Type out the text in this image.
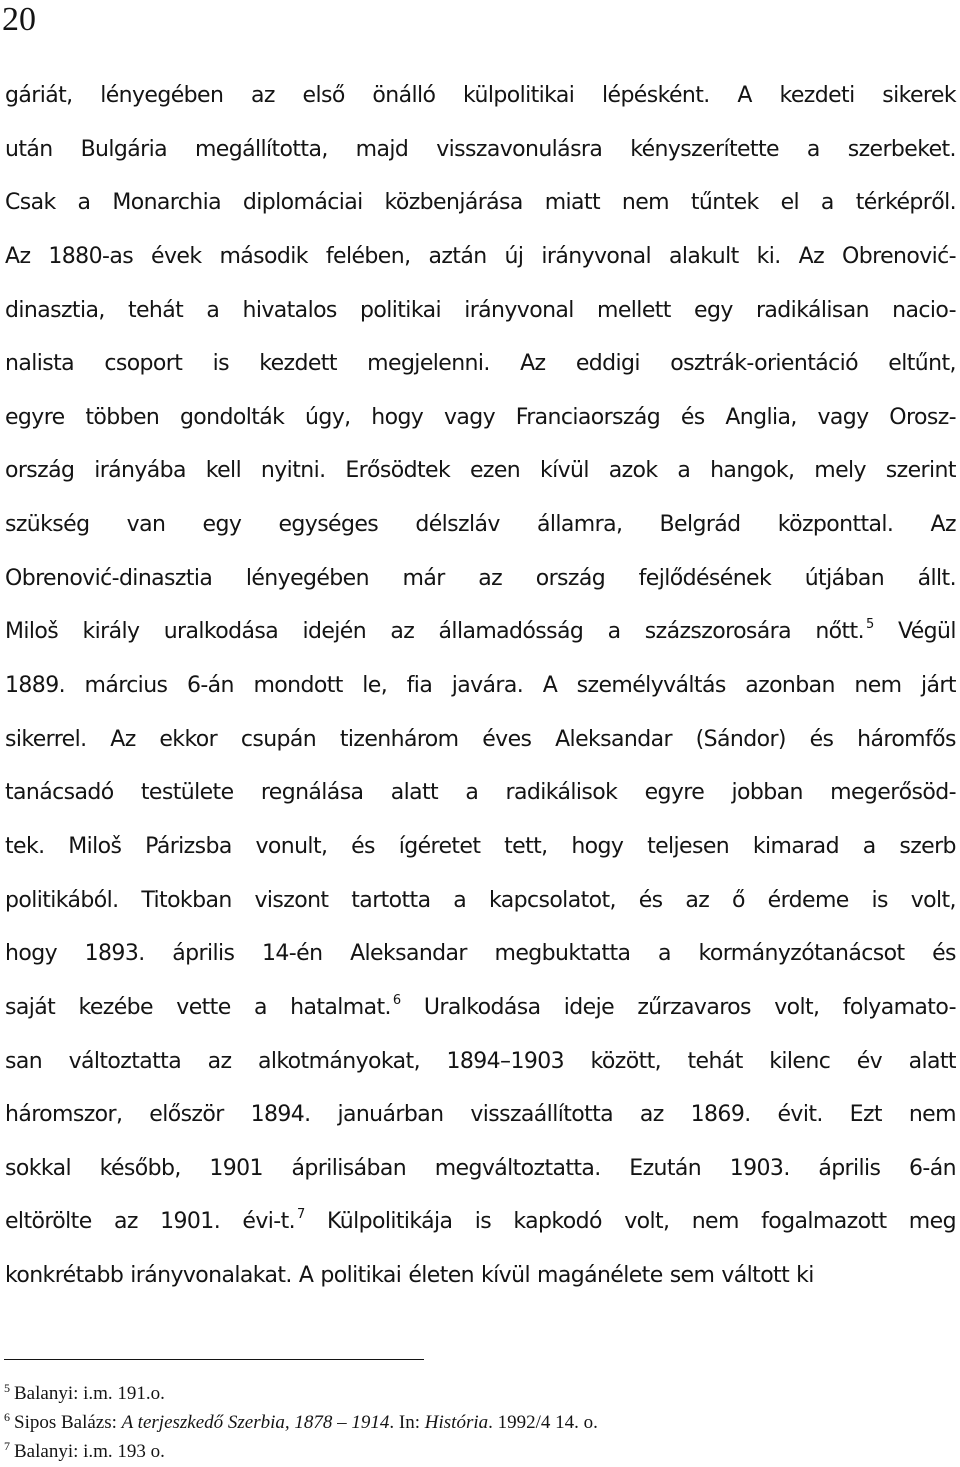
20
gáriát, lényegében az első önálló külpolitikai lépésként. A kezdeti sikerek
után Bulgária megállította, majd visszavonulásra kényszerítette a szerbeket.
Csak a Monarchia diplomáciai közbenjárása miatt nem tűntek el a térképről.
Az 1880-as évek második felében, aztán új irányvonal alakult ki. Az Obrenović-
dinasztia, tehát a hivatalos politikai irányvonal mellett egy radikálisan nacio-
nalista csoport is kezdett megjelenni. Az eddigi osztrák-orientáció eltűnt,
egyre többen gondolták úgy, hogy vagy Franciaország és Anglia, vagy Orosz-
ország irányába kell nyitni. Erősödtek ezen kívül azok a hangok, mely szerint
szükség van egy egységes délszláv államra, Belgrád központtal. Az
Obrenović-dinasztia lényegében már az ország fejlődésének útjában állt.
Miloš király uralkodása idején az államadósság a százszorosára nőtt. $^5$ Végül
1889. március 6-án mondott le, fia javára. A személyváltás azonban nem járt
sikerrel. Az ekkor csupán tizenhárom éves Aleksandar (Sándor) és háromfős
tanácsadó testülete regnálása alatt a radikálisok egyre jobban megerősöd-
tek. Miloš Párizsba vonult, és ígéretet tett, hogy teljesen kimarad a szerb
politikából. Titokban viszont tartotta a kapcsolatot, és az ő érdeme is volt,
hogy 1893. április 14-én Aleksandar megbuktatta a kormányzótanácsot és
saját kezébe vette a hatalmat. $^6$ Uralkodása ideje zűrzavaros volt, folyamato-
san változtatta az alkotmányokat, 1894–1903 között, tehát kilenc év alatt
háromszor, először 1894. januárban visszaállította az 1869. évit. Ezt nem
sokkal később, 1901 áprilisában megváltoztatta. Ezután 1903. április 6-án
eltörölte az 1901. évi-t. $^7$ Külpolitikája is kapkodó volt, nem fogalmazott meg
konkrétabb irányvonalakat. A politikai életen kívül magánélete sem váltott ki
$^5$ Balanyi: i.m. 191.o.
$^6$ Sipos Balázs: A terjeszkedő Szerbia, 1878 – 1914. In: História. 1992/4 14. o.
$^7$ Balanyi: i.m. 193 o.
